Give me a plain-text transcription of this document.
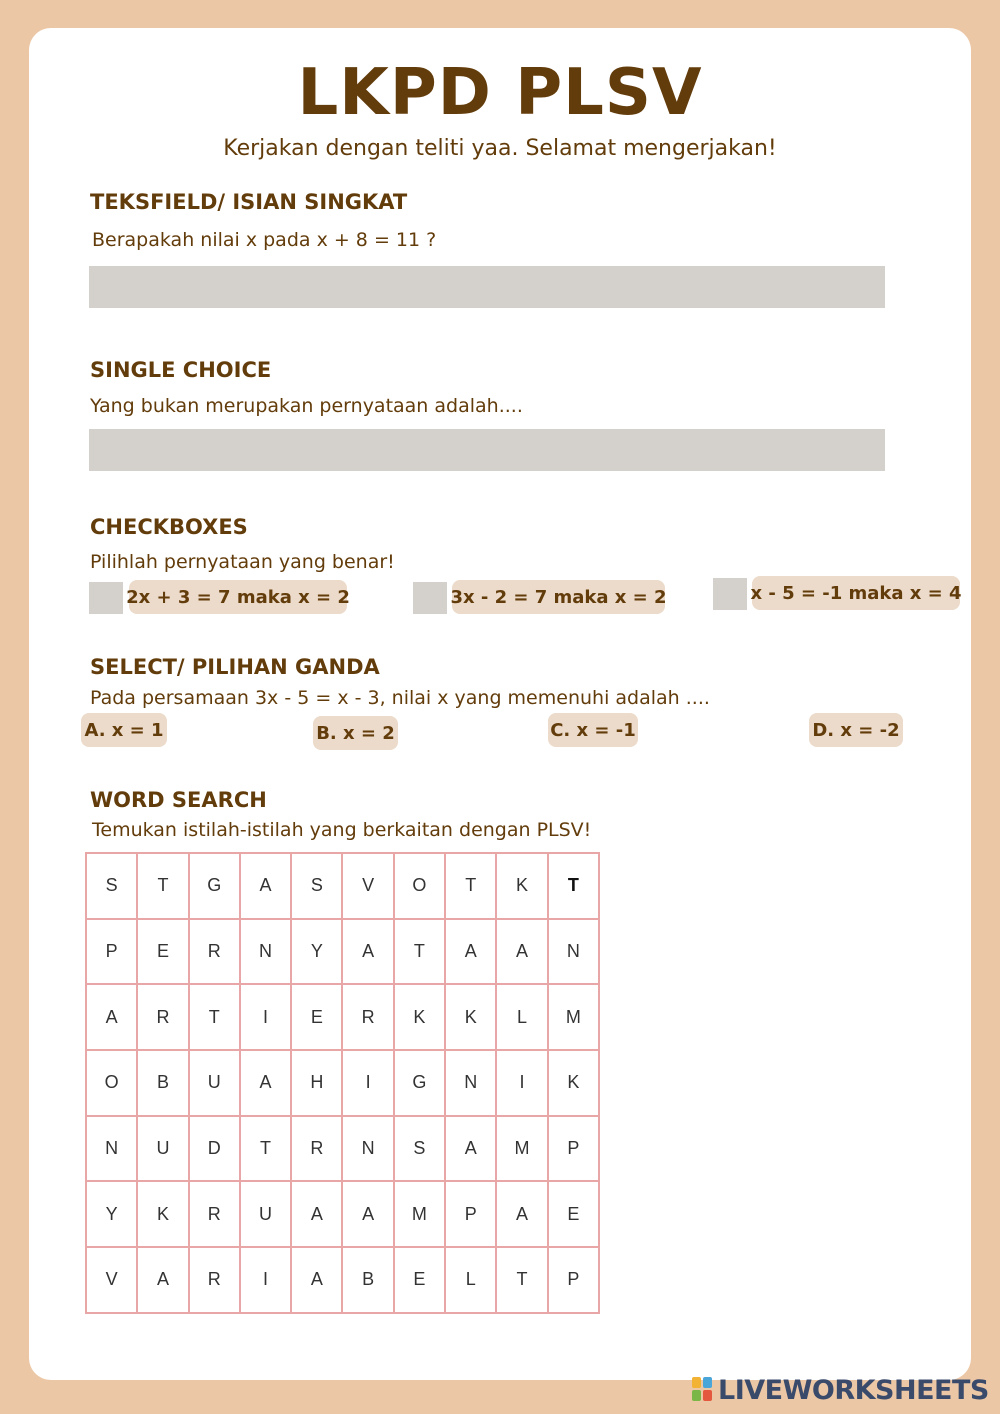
LKPD PLSV
Kerjakan dengan teliti yaa. Selamat mengerjakan!
TEKSFIELD/ ISIAN SINGKAT
Berapakah nilai x pada x + 8 = 11 ?
SINGLE CHOICE
Yang bukan merupakan pernyataan adalah....
CHECKBOXES
Pilihlah pernyataan yang benar!
2x + 3 = 7 maka x = 2	3x - 2 = 7 maka x = 2	x - 5 = -1 maka x = 4
SELECT/ PILIHAN GANDA
Pada persamaan 3x - 5 = x - 3, nilai x yang memenuhi adalah ....
A. x = 1	B. x = 2	C. x = -1	D. x = -2
WORD SEARCH
Temukan istilah-istilah yang berkaitan dengan PLSV!
S	T	G	A	S	V	O	T	K	T
P	E	R	N	Y	A	T	A	A	N
A	R	T	I	E	R	K	K	L	M
O	B	U	A	H	I	G	N	I	K
N	U	D	T	R	N	S	A	M	P
Y	K	R	U	A	A	M	P	A	E
V	A	R	I	A	B	E	L	T	P
LIVEWORKSHEETS
